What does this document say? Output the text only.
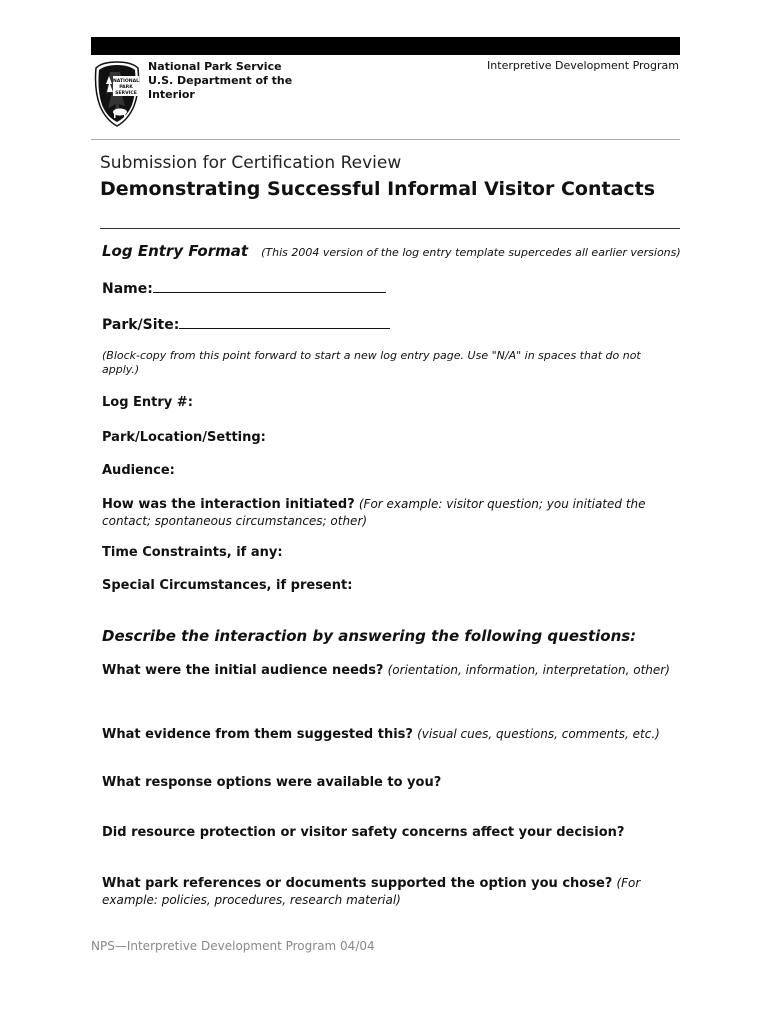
NATIONAL
PARK
SERVICE
National Park Service
U.S. Department of the
Interior
Interpretive Development Program
Submission for Certification Review
Demonstrating Successful Informal Visitor Contacts
Log Entry Format (This 2004 version of the log entry template supercedes all earlier versions)
Name:
Park/Site:
(Block-copy from this point forward to start a new log entry page. Use "N/A" in spaces that do not apply.)
Log Entry #:
Park/Location/Setting:
Audience:
How was the interaction initiated? (For example: visitor question; you initiated the contact; spontaneous circumstances; other)
Time Constraints, if any:
Special Circumstances, if present:
Describe the interaction by answering the following questions:
What were the initial audience needs? (orientation, information, interpretation, other)
What evidence from them suggested this? (visual cues, questions, comments, etc.)
What response options were available to you?
Did resource protection or visitor safety concerns affect your decision?
What park references or documents supported the option you chose? (For example: policies, procedures, research material)
NPS—Interpretive Development Program 04/04
